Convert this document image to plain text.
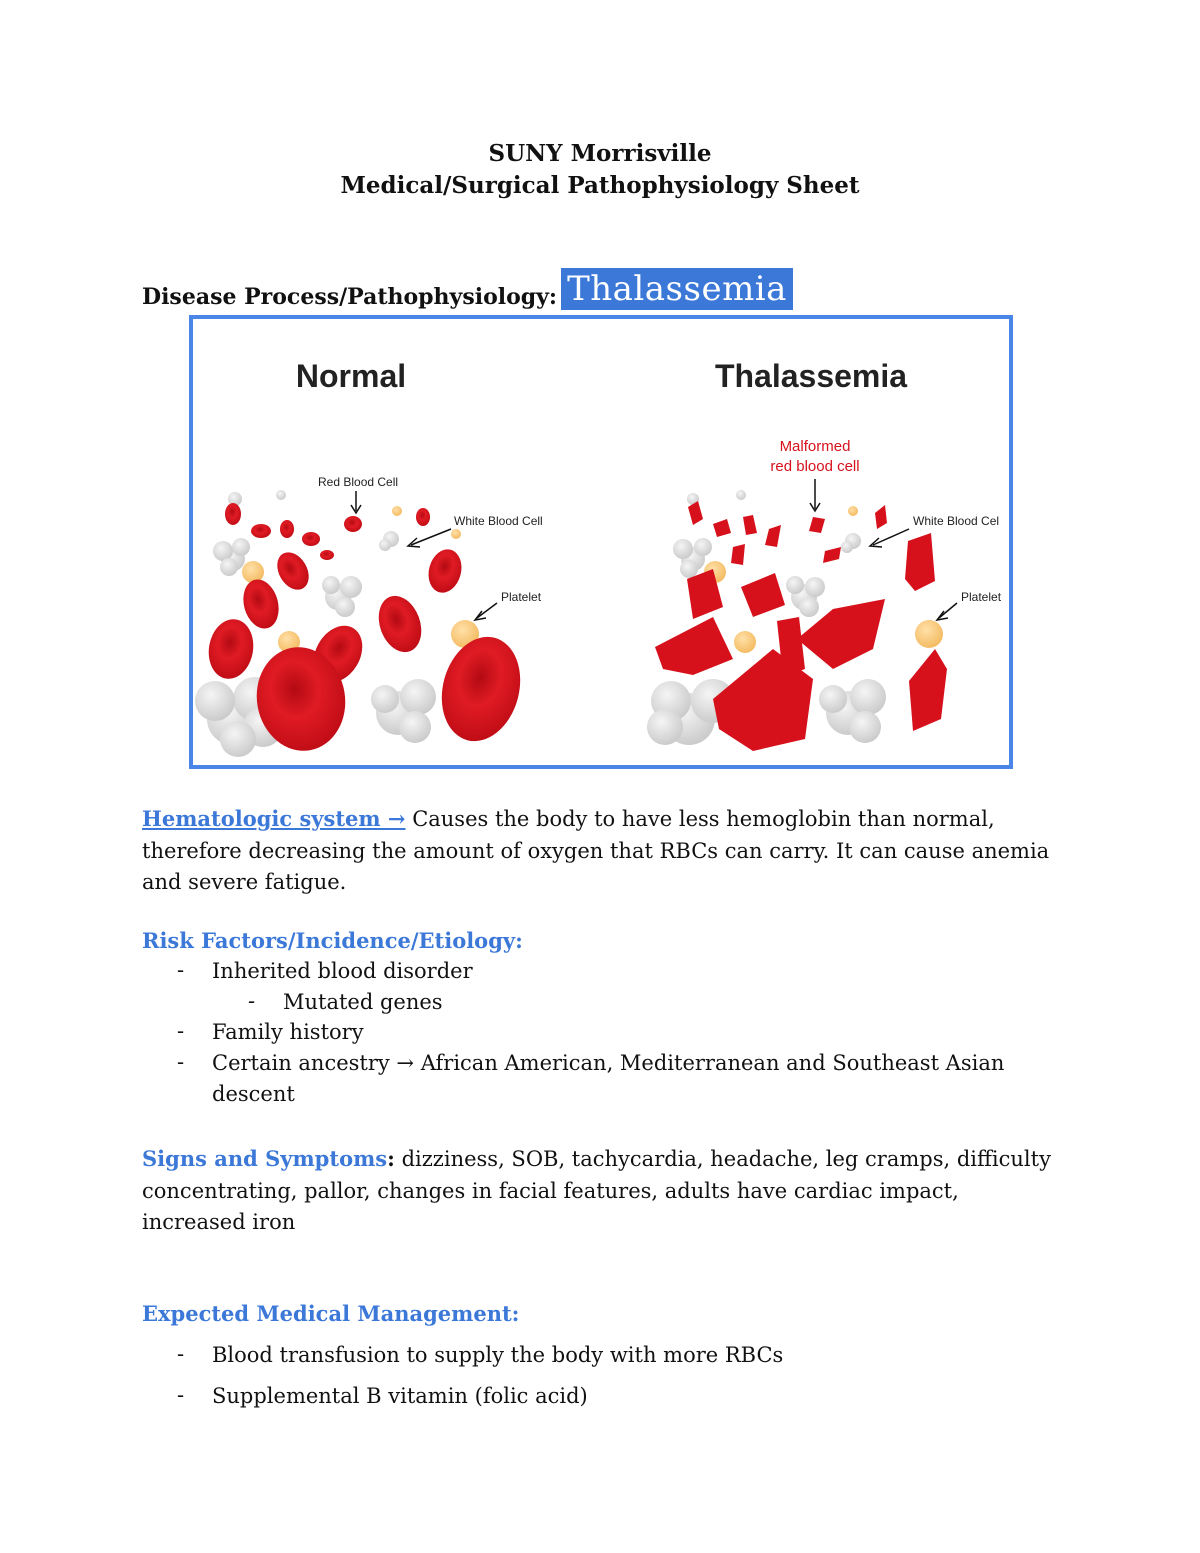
SUNY Morrisville
Medical/Surgical Pathophysiology Sheet
Disease Process/Pathophysiology: Thalassemia
Normal	Thalassemia
Red Blood Cell
White Blood Cell
Platelet
Malformed
red blood cell
White Blood Cel
Platelet
Hematologic system → Causes the body to have less hemoglobin than normal, therefore decreasing the amount of oxygen that RBCs can carry. It can cause anemia and severe fatigue.
Risk Factors/Incidence/Etiology:
- Inherited blood disorder
- Mutated genes
- Family history
- Certain ancestry → African American, Mediterranean and Southeast Asian
descent
Signs and Symptoms: dizziness, SOB, tachycardia, headache, leg cramps, difficulty
concentrating, pallor, changes in facial features, adults have cardiac impact,
increased iron
Expected Medical Management:
- Blood transfusion to supply the body with more RBCs
- Supplemental B vitamin (folic acid)
